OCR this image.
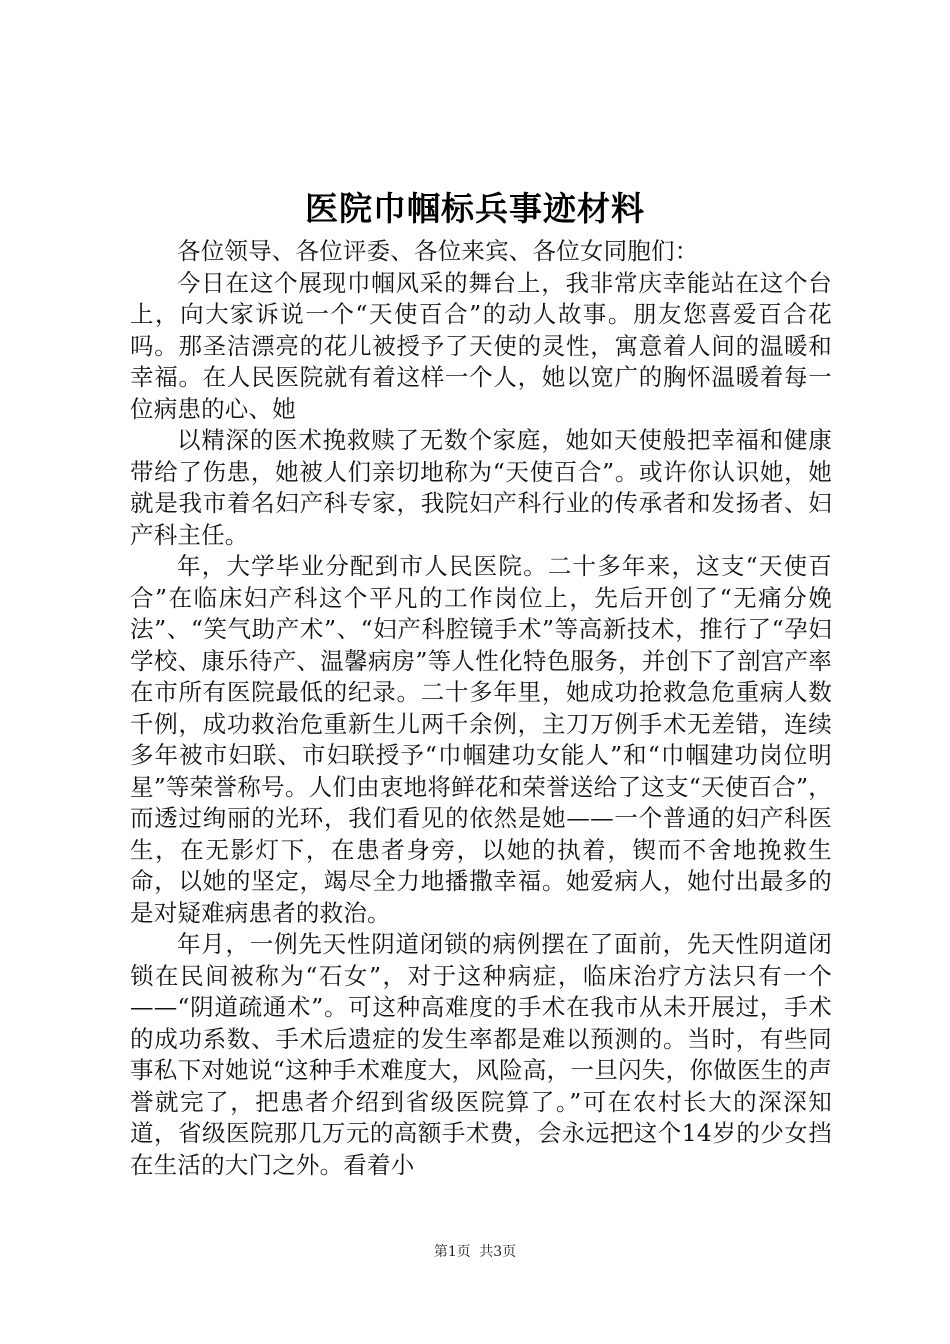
医院巾帼标兵事迹材料

各位领导、各位评委、各位来宾、各位女同胞们：

今日在这个展现巾帼风采的舞台上，我非常庆幸能站在这个台上，向大家诉说一个“天使百合”的动人故事。朋友您喜爱百合花吗。那圣洁漂亮的花儿被授予了天使的灵性，寓意着人间的温暖和幸福。在人民医院就有着这样一个人，她以宽广的胸怀温暖着每一位病患的心、她

以精深的医术挽救赎了无数个家庭，她如天使般把幸福和健康带给了伤患，她被人们亲切地称为“天使百合”。或许你认识她，她就是我市着名妇产科专家，我院妇产科行业的传承者和发扬者、妇产科主任。

年，大学毕业分配到市人民医院。二十多年来，这支“天使百合”在临床妇产科这个平凡的工作岗位上，先后开创了“无痛分娩法”、“笑气助产术”、“妇产科腔镜手术”等高新技术，推行了“孕妇学校、康乐待产、温馨病房”等人性化特色服务，并创下了剖宫产率在市所有医院最低的纪录。二十多年里，她成功抢救急危重病人数千例，成功救治危重新生儿两千余例，主刀万例手术无差错，连续多年被市妇联、市妇联授予“巾帼建功女能人”和“巾帼建功岗位明星”等荣誉称号。人们由衷地将鲜花和荣誉送给了这支“天使百合”，而透过绚丽的光环，我们看见的依然是她——一个普通的妇产科医生，在无影灯下，在患者身旁，以她的执着，锲而不舍地挽救生命，以她的坚定，竭尽全力地播撒幸福。她爱病人，她付出最多的是对疑难病患者的救治。

年月，一例先天性阴道闭锁的病例摆在了面前，先天性阴道闭锁在民间被称为“石女”，对于这种病症，临床治疗方法只有一个——“阴道疏通术”。可这种高难度的手术在我市从未开展过，手术的成功系数、手术后遗症的发生率都是难以预测的。当时，有些同事私下对她说“这种手术难度大，风险高，一旦闪失，你做医生的声誉就完了，把患者介绍到省级医院算了。”可在农村长大的深深知道，省级医院那几万元的高额手术费，会永远把这个14岁的少女挡在生活的大门之外。看着小

第1页 共3页
